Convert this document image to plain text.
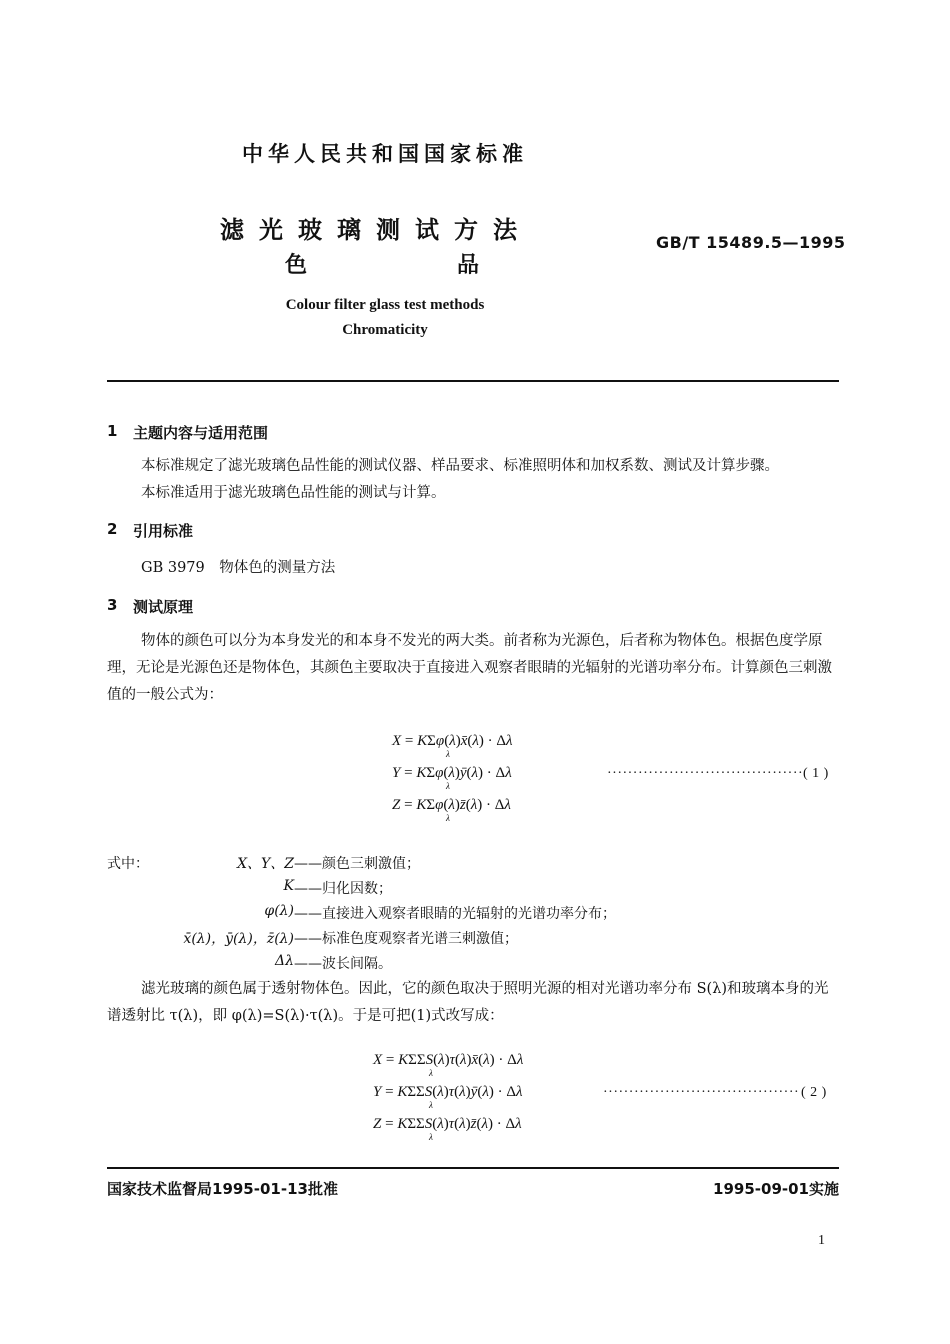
中华人民共和国国家标准
滤光玻璃测试方法
色品
GB/T 15489.5—1995
Colour filter glass test methods
Chromaticity
1 主题内容与适用范围
本标准规定了滤光玻璃色品性能的测试仪器、样品要求、标准照明体和加权系数、测试及计算步骤。
本标准适用于滤光玻璃色品性能的测试与计算。
2 引用标准
GB 3979　物体色的测量方法
3 测试原理
物体的颜色可以分为本身发光的和本身不发光的两大类。前者称为光源色，后者称为物体色。根据色度学原理，无论是光源色还是物体色，其颜色主要取决于直接进入观察者眼睛的光辐射的光谱功率分布。计算颜色三刺激值的一般公式为：
X = KΣφ(λ)x̄(λ) · Δλ
λ
Y = KΣφ(λ)ȳ(λ) · Δλ
λ
Z = KΣφ(λ)z̄(λ) · Δλ
λ
······································ ( 1 )
式中：	X、Y、Z ——颜色三刺激值；
K ——归化因数；
φ(λ) ——直接进入观察者眼睛的光辐射的光谱功率分布；
x̄(λ)，ȳ(λ)，z̄(λ) ——标准色度观察者光谱三刺激值；
Δλ ——波长间隔。
滤光玻璃的颜色属于透射物体色。因此，它的颜色取决于照明光源的相对光谱功率分布 S(λ)和玻璃本身的光谱透射比 τ(λ)，即 φ(λ)=S(λ)·τ(λ)。于是可把(1)式改写成：
X = KΣΣS(λ)τ(λ)x̄(λ) · Δλ
λ
Y = KΣΣS(λ)τ(λ)ȳ(λ) · Δλ
λ
Z = KΣΣS(λ)τ(λ)z̄(λ) · Δλ
λ
······································ ( 2 )
国家技术监督局1995-01-13批准	1995-09-01实施
1
